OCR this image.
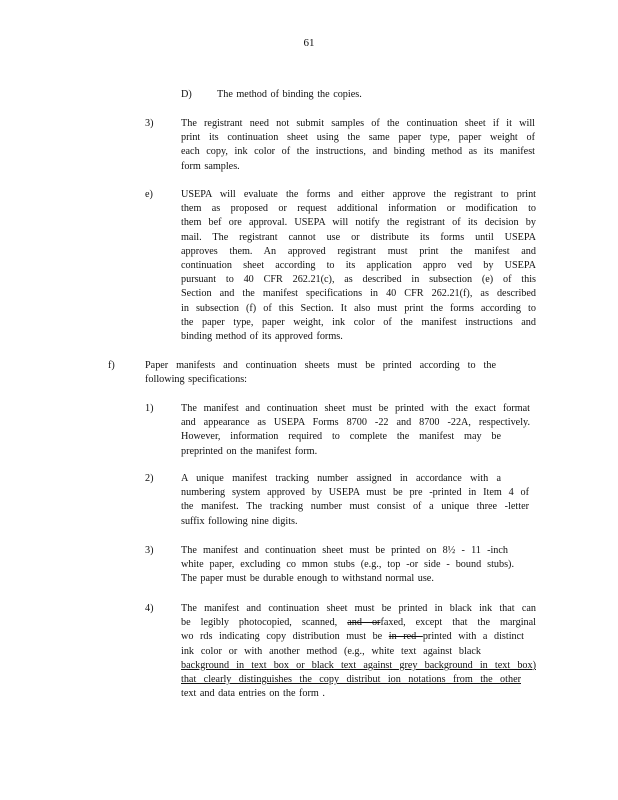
61
D) The method of binding the copies.
3)	The registrant need not submit samples of the continuation sheet if it will
print its continuation sheet using the same paper type, paper weight of
each copy, ink color of the instructions, and binding method as its manifest
form samples.
e)	USEPA will evaluate the forms and either approve the registrant to print
them as proposed or request additional information or modification to
them bef ore approval. USEPA will notify the registrant of its decision by
mail. The registrant cannot use or distribute its forms until USEPA
approves them. An approved registrant must print the manifest and
continuation sheet according to its application appro ved by USEPA
pursuant to 40 CFR 262.21(c), as described in subsection (e) of this
Section and the manifest specifications in 40 CFR 262.21(f), as described
in subsection (f) of this Section. It also must print the forms according to
the paper type, paper weight, ink color of the manifest instructions and
binding method of its approved forms.
f)	Paper manifests and continuation sheets must be printed according to the
following specifications:
1)	The manifest and continuation sheet must be printed with the exact format
and appearance as USEPA Forms 8700 -22 and 8700 -22A, respectively.
However, information required to complete the manifest may be
preprinted on the manifest form.
2)	A unique manifest tracking number assigned in accordance with a
numbering system approved by USEPA must be pre -printed in Item 4 of
the manifest. The tracking number must consist of a unique three -letter
suffix following nine digits.
3)	The manifest and continuation sheet must be printed on 8½ - 11 -inch
white paper, excluding co mmon stubs (e.g., top -or side - bound stubs).
The paper must be durable enough to withstand normal use.
4)	The manifest and continuation sheet must be printed in black ink that can
be legibly photocopied, scanned, and orfaxed, except that the marginal
wo rds indicating copy distribution must be in red printed with a distinct
ink color or with another method (e.g., white text against black
background in text box or black text against grey background in text box)
that clearly distinguishes the copy distribut ion notations from the other
text and data entries on the form .
